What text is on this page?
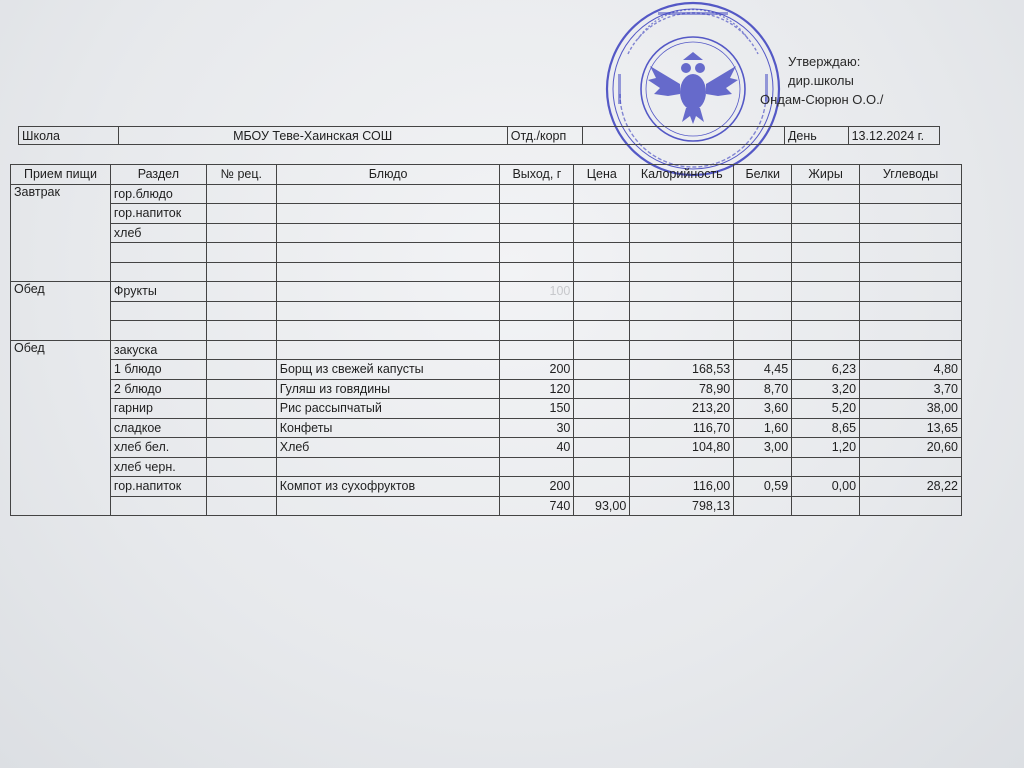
Утверждаю:
дир.школы
Ондам-Сюрюн О.О./
Школа	МБОУ Теве-Хаинская СОШ	Отд./корп		День	13.12.2024 г.
Прием пищи	Раздел	№ рец.	Блюдо	Выход, г	Цена	Калорийность	Белки	Жиры	Углеводы
Завтрак	гор.блюдо								
	гор.напиток								
	хлеб								

Обед	Фрукты			100					

Обед	закуска								
	1 блюдо		Борщ из свежей капусты	200		168,53	4,45	6,23	4,80
	2 блюдо		Гуляш из говядины	120		78,90	8,70	3,20	3,70
	гарнир		Рис рассыпчатый	150		213,20	3,60	5,20	38,00
	сладкое		Конфеты	30		116,70	1,60	8,65	13,65
	хлеб бел.		Хлеб	40		104,80	3,00	1,20	20,60
	хлеб черн.								
	гор.напиток		Компот из сухофруктов	200		116,00	0,59	0,00	28,22
				740	93,00	798,13			
